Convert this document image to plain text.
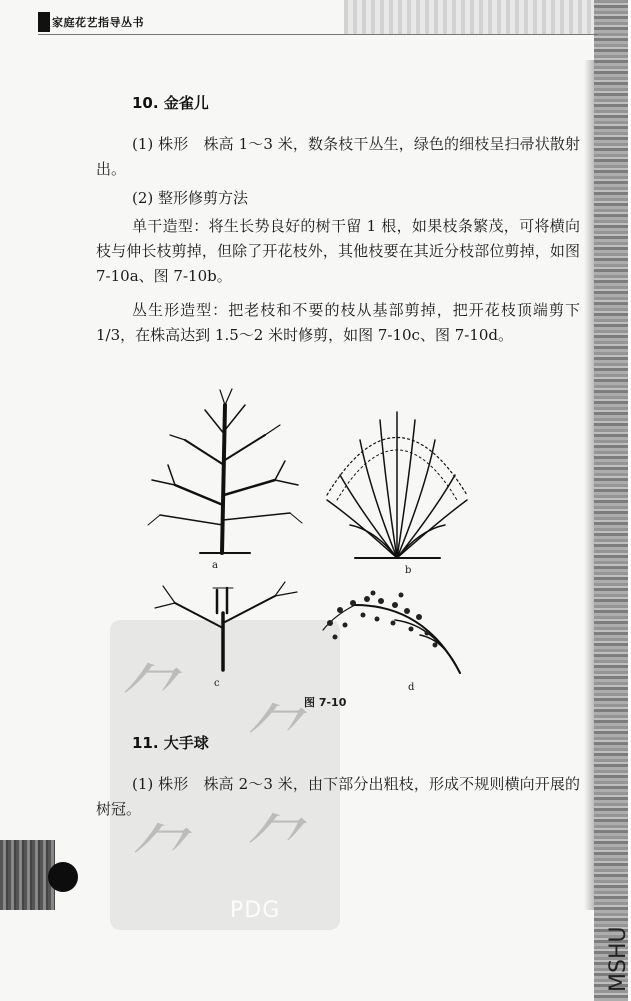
家庭花艺指导丛书
10. 金雀儿
(1) 株形　株高 1～3 米，数条枝干丛生，绿色的细枝呈扫帚状散射出。
(2) 整形修剪方法
单干造型：将生长势良好的树干留 1 根，如果枝条繁茂，可将横向枝与伸长枝剪掉，但除了开花枝外，其他枝要在其近分枝部位剪掉，如图 7-10a、图 7-10b。
丛生形造型：把老枝和不要的枝从基部剪掉，把开花枝顶端剪下 1/3，在株高达到 1.5～2 米时修剪，如图 7-10c、图 7-10d。
⺈ ⺈
⺈ ⺈
PDG
a	b
c	d
图 7-10
11. 大手球
(1) 株形　株高 2～3 米，由下部分出粗枝，形成不规则横向开展的树冠。
MSHU
